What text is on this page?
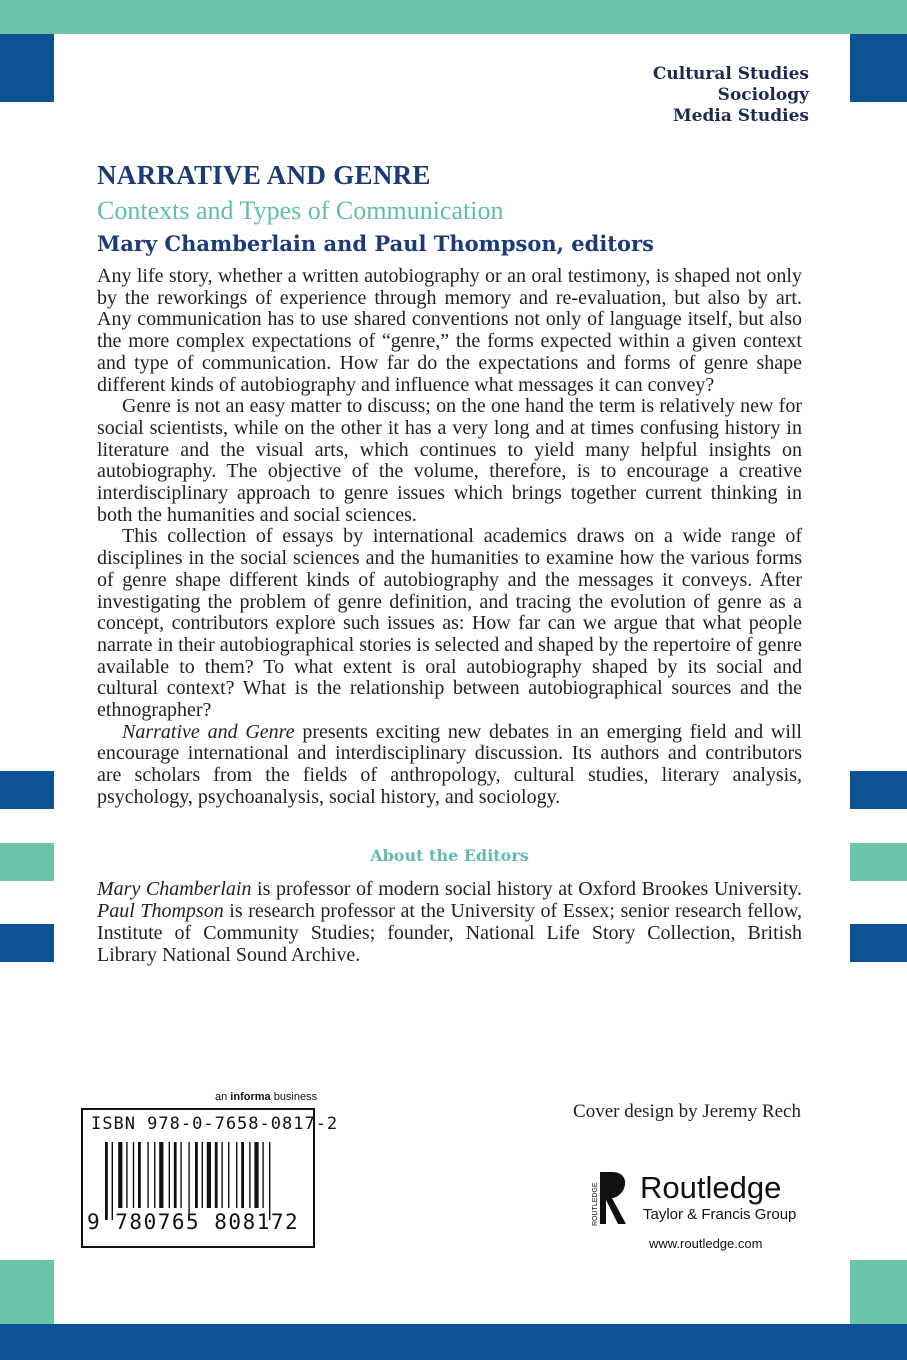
Cultural Studies
Sociology
Media Studies
NARRATIVE AND GENRE
Contexts and Types of Communication
Mary Chamberlain and Paul Thompson, editors

Any life story, whether a written autobiography or an oral testimony, is shaped not only by the reworkings of experience through memory and re-evaluation, but also by art. Any communication has to use shared conventions not only of language itself, but also the more complex expectations of “genre,” the forms expected within a given context and type of communication. How far do the expectations and forms of genre shape different kinds of autobiography and influence what messages it can convey?

Genre is not an easy matter to discuss; on the one hand the term is relatively new for social scientists, while on the other it has a very long and at times confusing history in literature and the visual arts, which continues to yield many helpful insights on autobiography. The objective of the volume, therefore, is to encourage a creative interdisciplinary approach to genre issues which brings together current thinking in both the humanities and social sciences.

This collection of essays by international academics draws on a wide range of disciplines in the social sciences and the humanities to examine how the various forms of genre shape different kinds of autobiography and the messages it conveys. After investigating the problem of genre definition, and tracing the evolution of genre as a concept, contributors explore such issues as: How far can we argue that what people narrate in their autobiographical stories is selected and shaped by the repertoire of genre available to them? To what extent is oral autobiography shaped by its social and cultural context? What is the relationship between autobiographical sources and the ethnographer?

Narrative and Genre presents exciting new debates in an emerging field and will encourage international and interdisciplinary discussion. Its authors and contributors are scholars from the fields of anthropology, cultural studies, literary analysis, psychology, psychoanalysis, social history, and sociology.

About the Editors

Mary Chamberlain is professor of modern social history at Oxford Brookes University. Paul Thompson is research professor at the University of Essex; senior research fellow, Institute of Community Studies; founder, National Life Story Collection, British Library National Sound Archive.

an informa business
ISBN 978-0-7658-0817-2
9 780765 808172
Cover design by Jeremy Rech
ROUTLEDGE Routledge
Taylor & Francis Group
www.routledge.com
